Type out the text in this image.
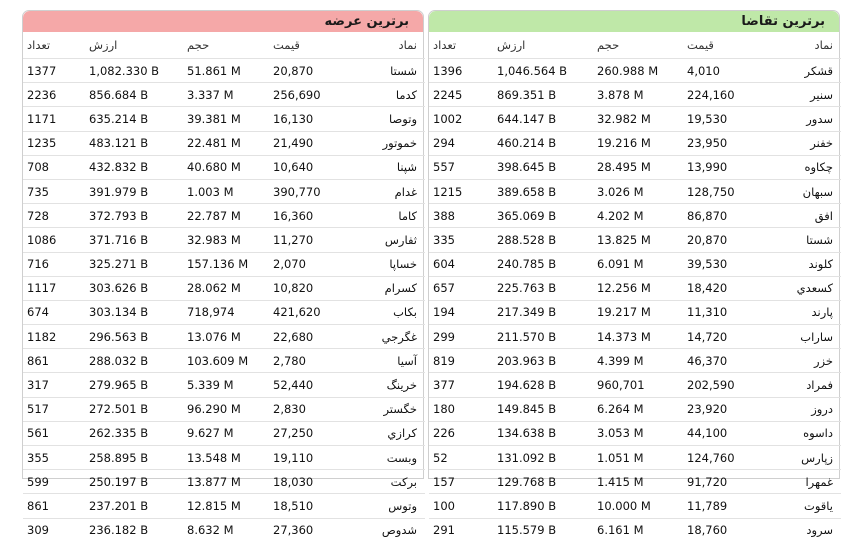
برترین تقاضا
نماد	قیمت	حجم	ارزش	تعداد
قشکر	4,010	260.988 M	1,046.564 B	1396
سنیر	224,160	3.878 M	869.351 B	2245
سدور	19,530	32.982 M	644.147 B	1002
خفنر	23,950	19.216 M	460.214 B	294
چکاوه	13,990	28.495 M	398.645 B	557
سبهان	128,750	3.026 M	389.658 B	1215
افق	86,870	4.202 M	365.069 B	388
شستا	20,870	13.825 M	288.528 B	335
کلوند	39,530	6.091 M	240.785 B	604
کسعدي	18,420	12.256 M	225.763 B	657
پارند	11,310	19.217 M	217.349 B	194
ساراب	14,720	14.373 M	211.570 B	299
خزر	46,370	4.399 M	203.963 B	819
فمراد	202,590	960,701	194.628 B	377
دروز	23,920	6.264 M	149.845 B	180
داسوه	44,100	3.053 M	134.638 B	226
زپارس	124,760	1.051 M	131.092 B	52
غمهرا	91,720	1.415 M	129.768 B	157
یاقوت	11,789	10.000 M	117.890 B	100
سرود	18,760	6.161 M	115.579 B	291
برترین عرضه
نماد	قیمت	حجم	ارزش	تعداد
شستا	20,870	51.861 M	1,082.330 B	1377
کدما	256,690	3.337 M	856.684 B	2236
وتوصا	16,130	39.381 M	635.214 B	1171
خموتور	21,490	22.481 M	483.121 B	1235
شپنا	10,640	40.680 M	432.832 B	708
غدام	390,770	1.003 M	391.979 B	735
کاما	16,360	22.787 M	372.793 B	728
ثفارس	11,270	32.983 M	371.716 B	1086
خساپا	2,070	157.136 M	325.271 B	716
کسرام	10,820	28.062 M	303.626 B	1117
بکاب	421,620	718,974	303.134 B	674
غگرجي	22,680	13.076 M	296.563 B	1182
آسیا	2,780	103.609 M	288.032 B	861
خرینگ	52,440	5.339 M	279.965 B	317
خگستر	2,830	96.290 M	272.501 B	517
کرازي	27,250	9.627 M	262.335 B	561
وبست	19,110	13.548 M	258.895 B	355
برکت	18,030	13.877 M	250.197 B	599
وتوس	18,510	12.815 M	237.201 B	861
شدوص	27,360	8.632 M	236.182 B	309
